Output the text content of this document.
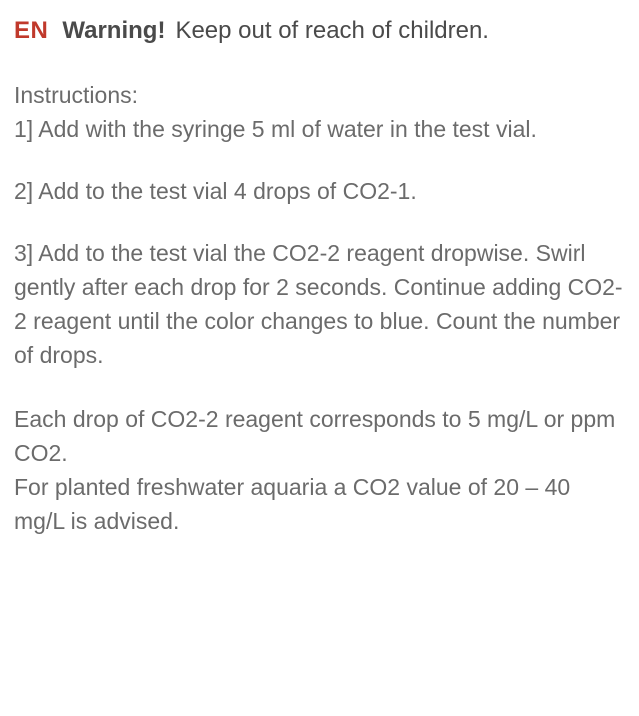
EN Warning! Keep out of reach of children.

Instructions:

1] Add with the syringe 5 ml of water in the test vial.

2] Add to the test vial 4 drops of CO2-1.

3] Add to the test vial the CO2-2 reagent dropwise. Swirl gently after each drop for 2 seconds. Continue adding CO2-2 reagent until the color changes to blue. Count the number of drops.

Each drop of CO2-2 reagent corresponds to 5 mg/L or ppm CO2.

For planted freshwater aquaria a CO2 value of 20 – 40 mg/L is advised.
